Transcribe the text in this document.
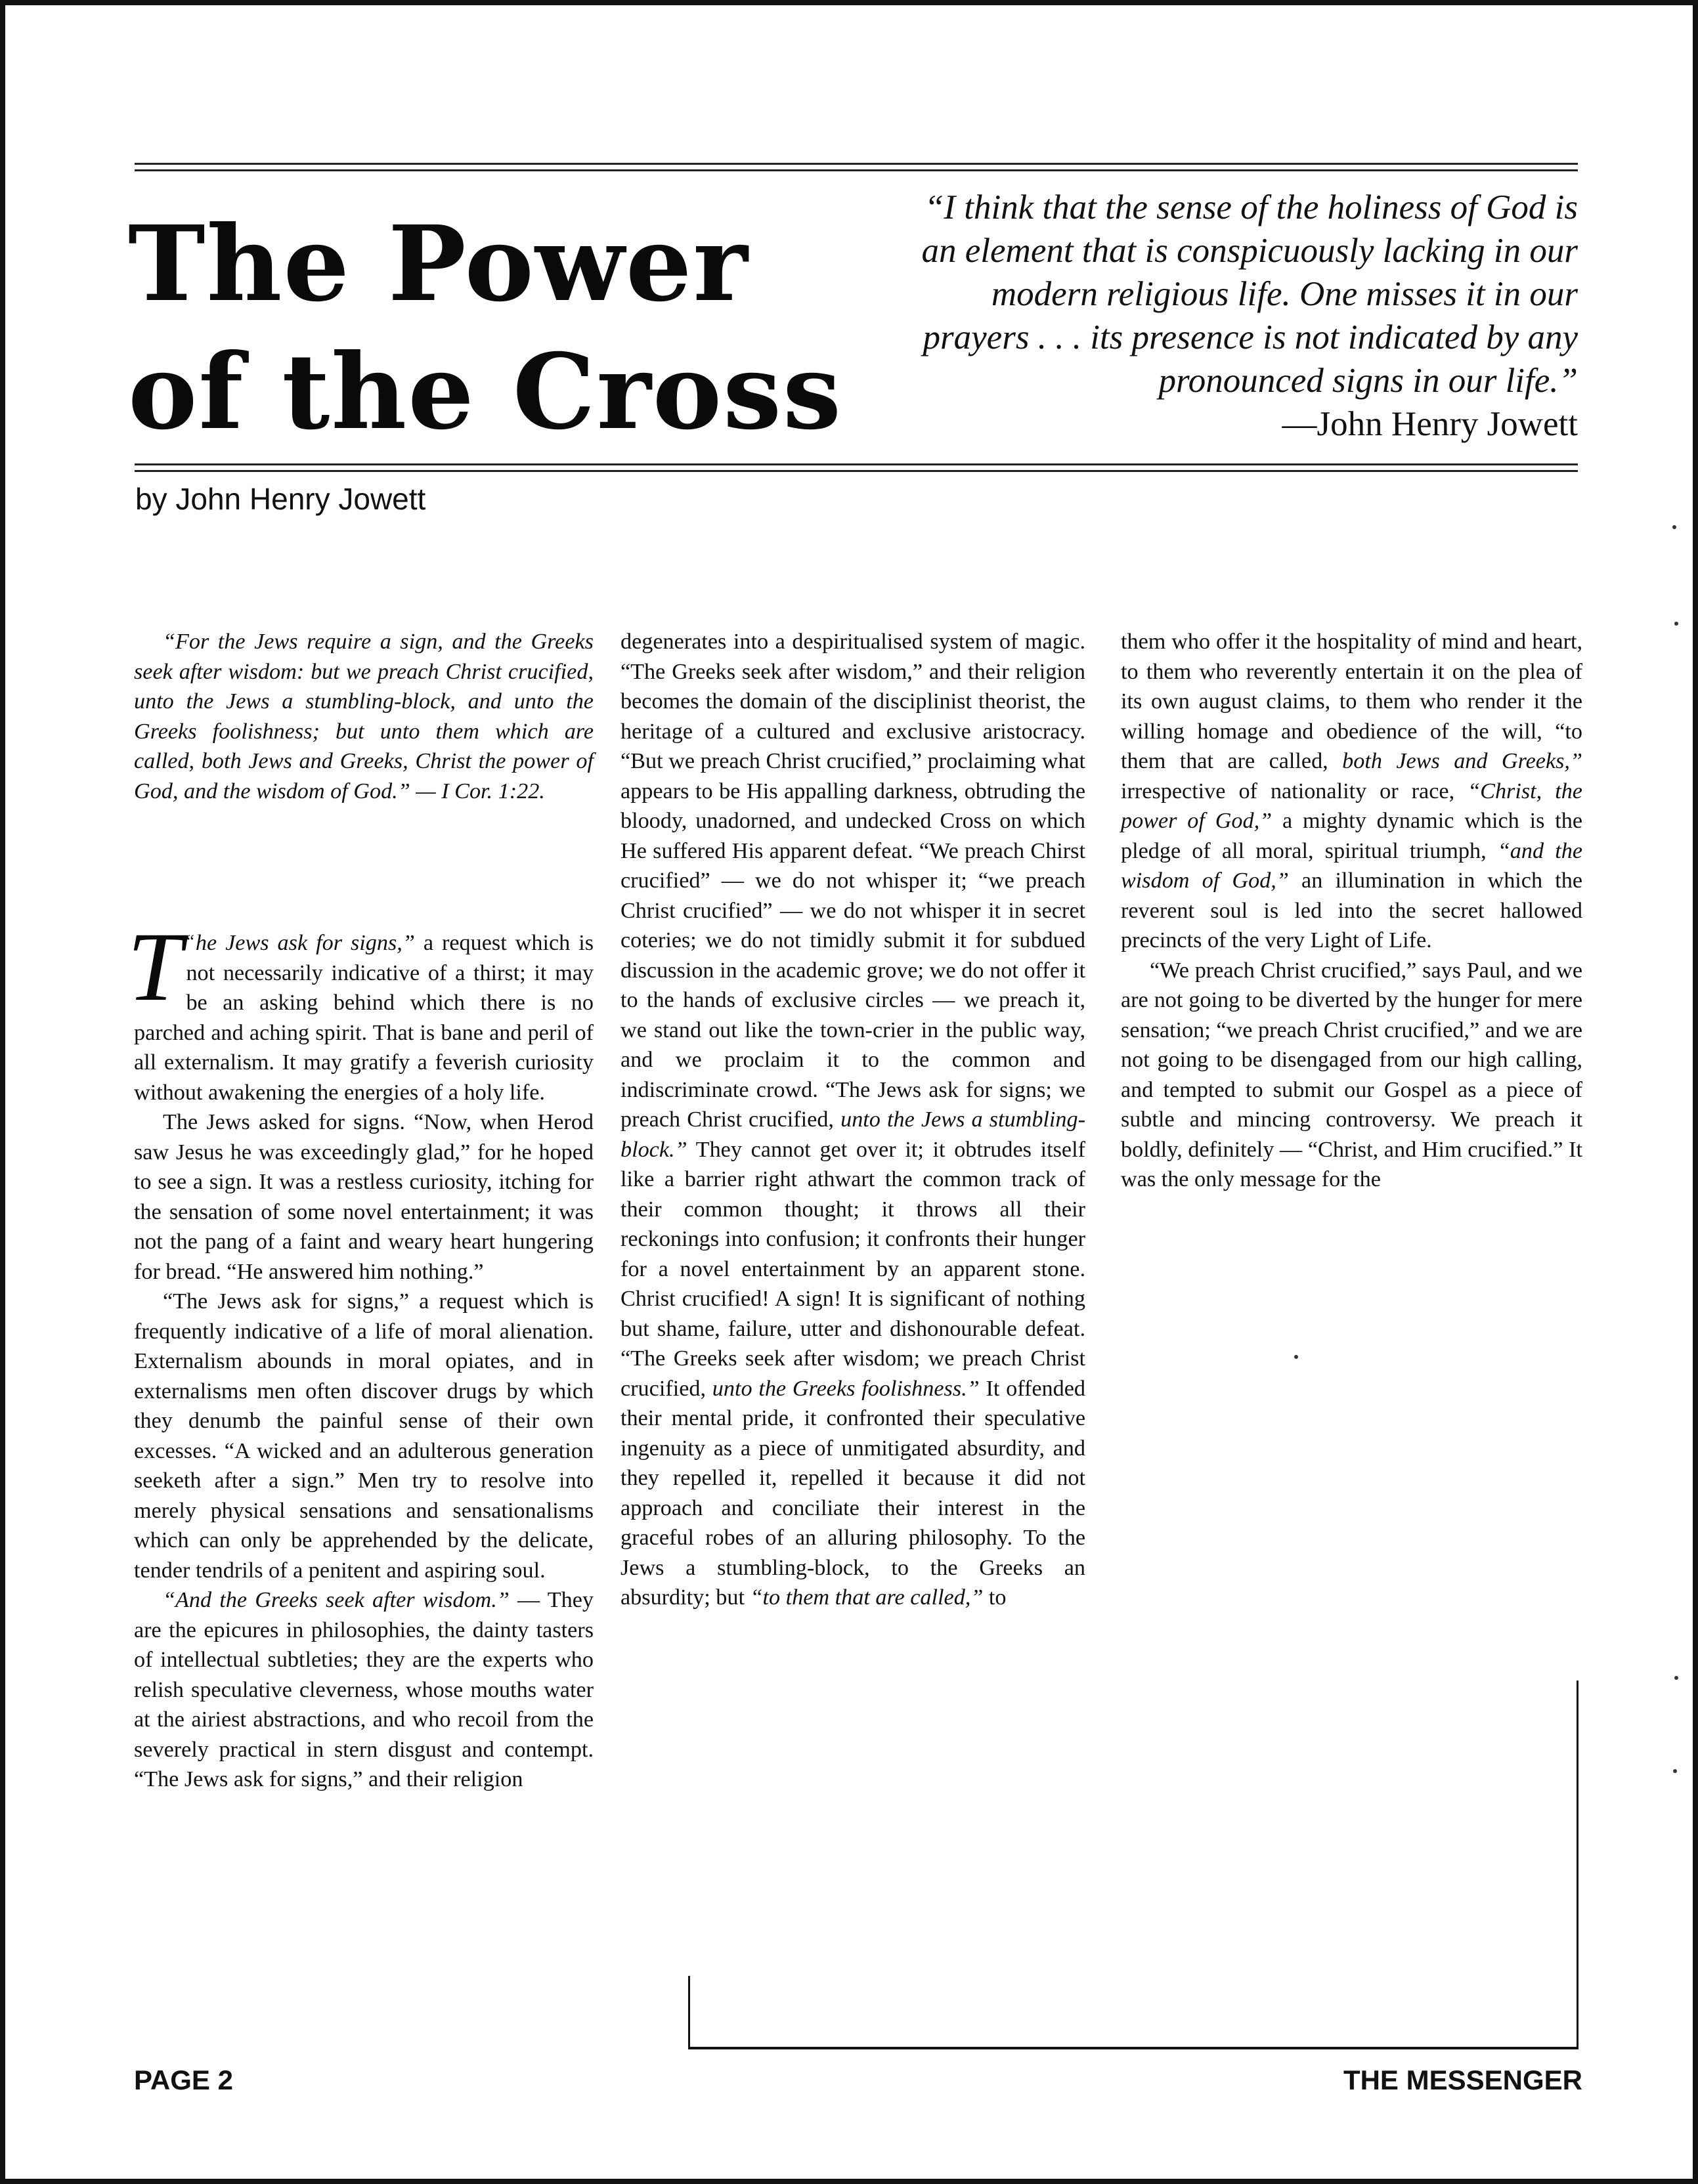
The Power
of the Cross
“I think that the sense of the holiness of God is
an element that is conspicuously lacking in our
modern religious life. One misses it in our
prayers . . . its presence is not indicated by any
pronounced signs in our life.”
—John Henry Jowett
by John Henry Jowett

“For the Jews require a sign, and the Greeks seek after wisdom: but we preach Christ crucified, unto the Jews a stumbling-block, and unto the Greeks foolishness; but unto them which are called, both Jews and Greeks, Christ the power of God, and the wisdom of God.” — I Cor. 1:22.

“
T he Jews ask for signs,” a request which is not necessarily indicative of a thirst; it may be an asking behind which there is no parched and aching spirit. That is bane and peril of all externalism. It may gratify a feverish curiosity without awakening the energies of a holy life.

The Jews asked for signs. “Now, when Herod saw Jesus he was exceedingly glad,” for he hoped to see a sign. It was a restless curiosity, itching for the sensation of some novel entertainment; it was not the pang of a faint and weary heart hungering for bread. “He answered him nothing.”

“The Jews ask for signs,” a request which is frequently indicative of a life of moral alienation. Externalism abounds in moral opiates, and in externalisms men often discover drugs by which they denumb the painful sense of their own excesses. “A wicked and an adulterous generation seeketh after a sign.” Men try to resolve into merely physical sensations and sensationalisms which can only be apprehended by the delicate, tender tendrils of a penitent and aspiring soul.

“And the Greeks seek after wisdom.” — They are the epicures in philosophies, the dainty tasters of intellectual subtleties; they are the experts who relish speculative cleverness, whose mouths water at the airiest abstractions, and who recoil from the severely practical in stern disgust and contempt. “The Jews ask for signs,” and their religion

degenerates into a despiritualised system of magic. “The Greeks seek after wisdom,” and their religion becomes the domain of the disciplinist theorist, the heritage of a cultured and exclusive aristocracy. “But we preach Christ crucified,” proclaiming what appears to be His appalling darkness, obtruding the bloody, unadorned, and undecked Cross on which He suffered His apparent defeat. “We preach Chirst crucified” — we do not whisper it; “we preach Christ crucified” — we do not whisper it in secret coteries; we do not timidly submit it for subdued discussion in the academic grove; we do not offer it to the hands of exclusive circles — we preach it, we stand out like the town-crier in the public way, and we proclaim it to the common and indiscriminate crowd. “The Jews ask for signs; we preach Christ crucified, unto the Jews a stumbling-block.” They cannot get over it; it obtrudes itself like a barrier right athwart the common track of their common thought; it throws all their reckonings into confusion; it confronts their hunger for a novel entertainment by an apparent stone. Christ crucified! A sign! It is significant of nothing but shame, failure, utter and dishonourable defeat. “The Greeks seek after wisdom; we preach Christ crucified, unto the Greeks foolishness.” It offended their mental pride, it confronted their speculative ingenuity as a piece of unmitigated absurdity, and they repelled it, repelled it because it did not approach and conciliate their interest in the graceful robes of an alluring philosophy. To the Jews a stumbling-block, to the Greeks an absurdity; but “to them that are called,” to

them who offer it the hospitality of mind and heart, to them who reverently entertain it on the plea of its own august claims, to them who render it the willing homage and obedience of the will, “to them that are called, both Jews and Greeks,” irrespective of nationality or race, “Christ, the power of God,” a mighty dynamic which is the pledge of all moral, spiritual triumph, “and the wisdom of God,” an illumination in which the reverent soul is led into the secret hallowed precincts of the very Light of Life.

“We preach Christ crucified,” says Paul, and we are not going to be diverted by the hunger for mere sensation; “we preach Christ crucified,” and we are not going to be disengaged from our high calling, and tempted to submit our Gospel as a piece of subtle and mincing controversy. We preach it boldly, definitely — “Christ, and Him crucified.” It was the only message for the

PAGE 2	THE MESSENGER
